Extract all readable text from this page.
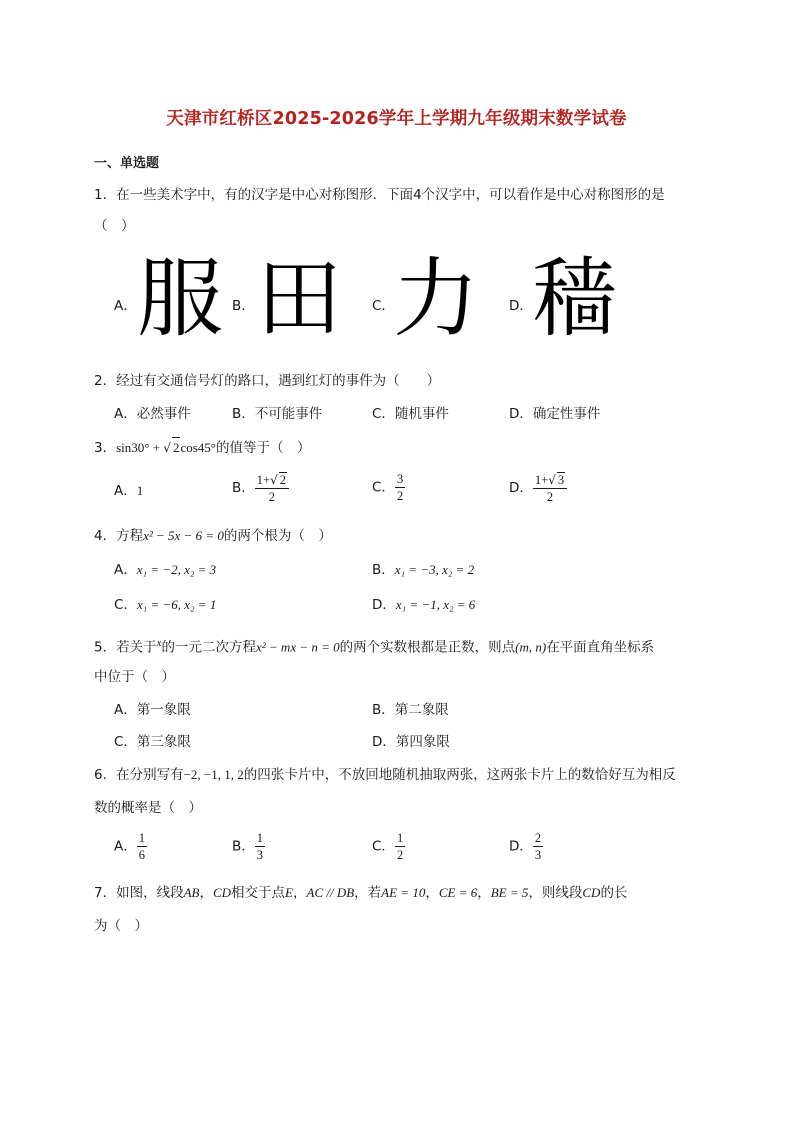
天津市红桥区2025-2026学年上学期九年级期末数学试卷
一、单选题
1．在一些美术字中，有的汉字是中心对称图形．下面4个汉字中，可以看作是中心对称图形的是
（　）
A． 服 B． 田 C．
力 D． 穑
2．经过有交通信号灯的路口，遇到红灯的事件为（　　）
A．必然事件	B．不可能事件	C．随机事件	D．确定性事件
3．sin30° + √ 2cos45°的值等于（　）
A．1	B． $\frac{1+√ 2}{2}$	C． $\frac{3}{2}$	D． $\frac{1+√ 3}{2}$
4．方程x² − 5x − 6 = 0的两个根为（　）
A．x₁ = −2, x₂ = 3	B．x₁ = −3, x₂ = 2
C．x₁ = −6, x₂ = 1	D．x₁ = −1, x₂ = 6
5．若关于$^x$的一元二次方程x² − mx − n = 0的两个实数根都是正数，则点(m, n)在平面直角坐标系
中位于（　）
A．第一象限	B．第二象限
C．第三象限	D．第四象限
6．在分别写有−2, −1, 1, 2的四张卡片中，不放回地随机抽取两张，这两张卡片上的数恰好互为相反
数的概率是（　）
A． $\frac{1}{6}$	B． $\frac{1}{3}$	C． $\frac{1}{2}$	D． $\frac{2}{3}$
7．如图，线段AB，CD相交于点E，AC // DB，若AE = 10，CE = 6，BE = 5，则线段CD的长
为（　）
